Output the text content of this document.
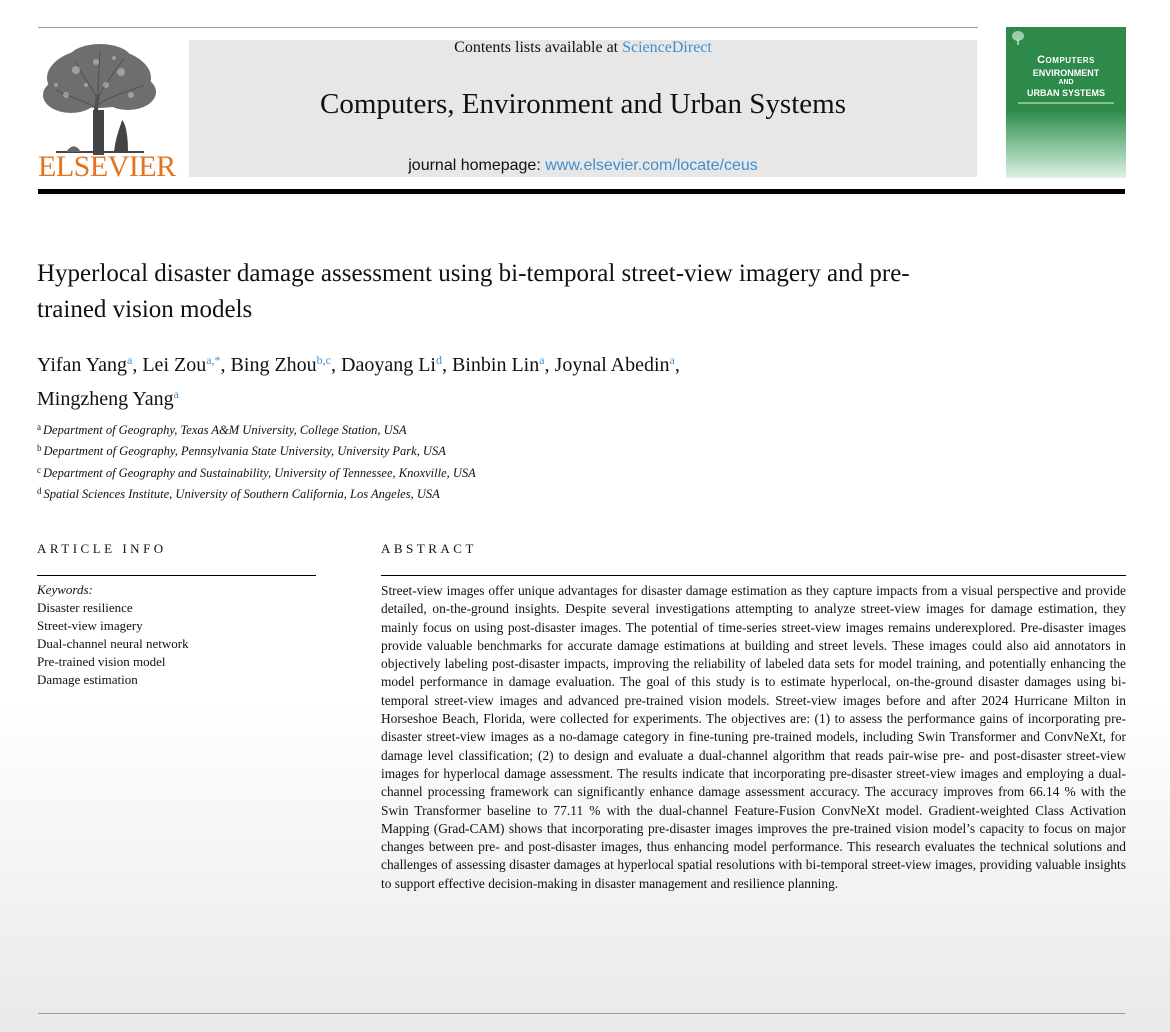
ELSEVIER
Contents lists available at ScienceDirect
Computers, Environment and Urban Systems
journal homepage: www.elsevier.com/locate/ceus
Computers
ENVIRONMENT
AND
URBAN SYSTEMS
Hyperlocal disaster damage assessment using bi-temporal street-view imagery and pre-trained vision models
Yifan Yang$^a$, Lei Zou$^{a,*}$, Bing Zhou$^{b,c}$, Daoyang Li$^d$, Binbin Lin$^a$, Joynal Abedin$^a$,
Mingzheng Yang$^a$
$^a$ Department of Geography, Texas A&M University, College Station, USA
$^b$ Department of Geography, Pennsylvania State University, University Park, USA
$^c$ Department of Geography and Sustainability, University of Tennessee, Knoxville, USA
$^d$ Spatial Sciences Institute, University of Southern California, Los Angeles, USA
ARTICLE INFO
Keywords:
Disaster resilience
Street-view imagery
Dual-channel neural network
Pre-trained vision model
Damage estimation
ABSTRACT
Street-view images offer unique advantages for disaster damage estimation as they capture impacts from a visual perspective and provide detailed, on-the-ground insights. Despite several investigations attempting to analyze street-view images for damage estimation, they mainly focus on using post-disaster images. The potential of time-series street-view images remains underexplored. Pre-disaster images provide valuable benchmarks for accurate damage estimations at building and street levels. These images could also aid annotators in objectively labeling post-disaster impacts, improving the reliability of labeled data sets for model training, and potentially enhancing the model performance in damage evaluation. The goal of this study is to estimate hyperlocal, on-the-ground disaster damages using bi-temporal street-view images and advanced pre-trained vision models. Street-view images before and after 2024 Hurricane Milton in Horseshoe Beach, Florida, were collected for experiments. The objectives are: (1) to assess the performance gains of incorporating pre-disaster street-view images as a no-damage category in fine-tuning pre-trained models, including Swin Transformer and ConvNeXt, for damage level classification; (2) to design and evaluate a dual-channel algorithm that reads pair-wise pre- and post-disaster street-view images for hyperlocal damage assessment. The results indicate that incorporating pre-disaster street-view images and employing a dual-channel processing framework can significantly enhance damage assessment accuracy. The accuracy improves from 66.14 % with the Swin Transformer baseline to 77.11 % with the dual-channel Feature-Fusion ConvNeXt model. Gradient-weighted Class Activation Mapping (Grad-CAM) shows that incorporating pre-disaster images improves the pre-trained vision model’s capacity to focus on major changes between pre- and post-disaster images, thus enhancing model performance. This research evaluates the technical solutions and challenges of assessing disaster damages at hyperlocal spatial resolutions with bi-temporal street-view images, providing valuable insights to support effective decision-making in disaster management and resilience planning.
